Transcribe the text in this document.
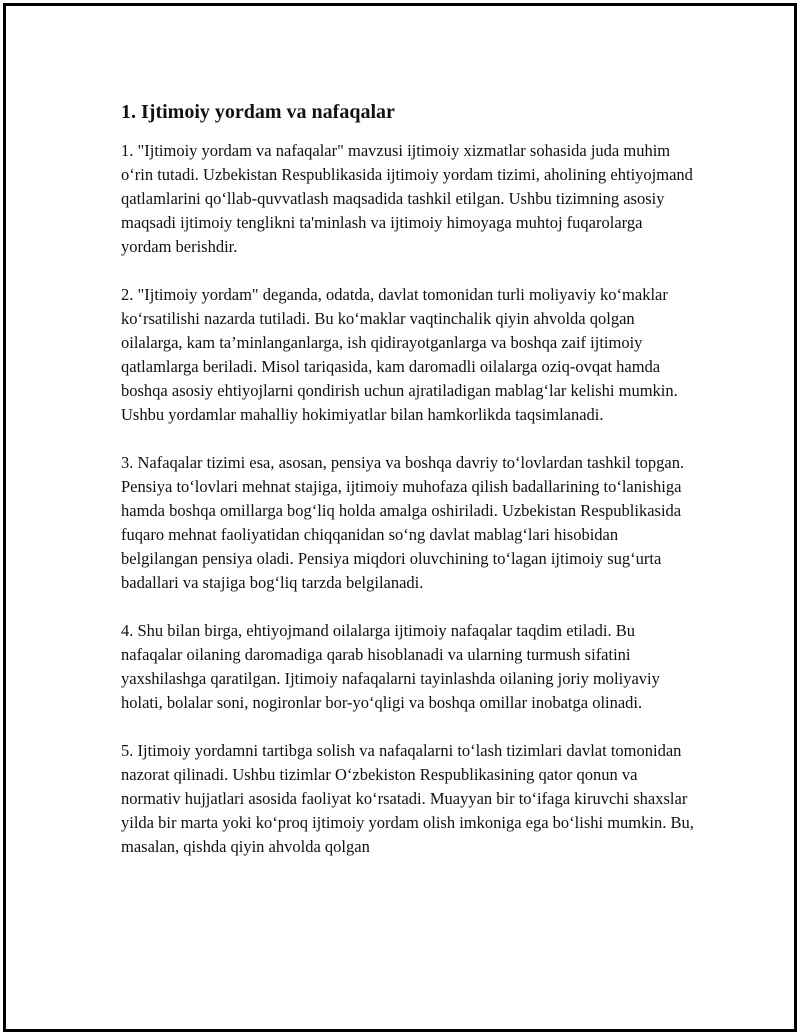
1. Ijtimoiy yordam va nafaqalar

1. "Ijtimoiy yordam va nafaqalar" mavzusi ijtimoiy xizmatlar sohasida juda muhim o‘rin tutadi. Uzbekistan Respublikasida ijtimoiy yordam tizimi, aholining ehtiyojmand qatlamlarini qo‘llab-quvvatlash maqsadida tashkil etilgan. Ushbu tizimning asosiy maqsadi ijtimoiy tenglikni ta'minlash va ijtimoiy himoyaga muhtoj fuqarolarga yordam berishdir.

2. "Ijtimoiy yordam" deganda, odatda, davlat tomonidan turli moliyaviy ko‘maklar ko‘rsatilishi nazarda tutiladi. Bu ko‘maklar vaqtinchalik qiyin ahvolda qolgan oilalarga, kam ta’minlanganlarga, ish qidirayotganlarga va boshqa zaif ijtimoiy qatlamlarga beriladi. Misol tariqasida, kam daromadli oilalarga oziq-ovqat hamda boshqa asosiy ehtiyojlarni qondirish uchun ajratiladigan mablag‘lar kelishi mumkin. Ushbu yordamlar mahalliy hokimiyatlar bilan hamkorlikda taqsimlanadi.

3. Nafaqalar tizimi esa, asosan, pensiya va boshqa davriy to‘lovlardan tashkil topgan. Pensiya to‘lovlari mehnat stajiga, ijtimoiy muhofaza qilish badallarining to‘lanishiga hamda boshqa omillarga bog‘liq holda amalga oshiriladi. Uzbekistan Respublikasida fuqaro mehnat faoliyatidan chiqqanidan so‘ng davlat mablag‘lari hisobidan belgilangan pensiya oladi. Pensiya miqdori oluvchining to‘lagan ijtimoiy sug‘urta badallari va stajiga bog‘liq tarzda belgilanadi.

4. Shu bilan birga, ehtiyojmand oilalarga ijtimoiy nafaqalar taqdim etiladi. Bu nafaqalar oilaning daromadiga qarab hisoblanadi va ularning turmush sifatini yaxshilashga qaratilgan. Ijtimoiy nafaqalarni tayinlashda oilaning joriy moliyaviy holati, bolalar soni, nogironlar bor-yo‘qligi va boshqa omillar inobatga olinadi.

5. Ijtimoiy yordamni tartibga solish va nafaqalarni to‘lash tizimlari davlat tomonidan nazorat qilinadi. Ushbu tizimlar O‘zbekiston Respublikasining qator qonun va normativ hujjatlari asosida faoliyat ko‘rsatadi. Muayyan bir to‘ifaga kiruvchi shaxslar yilda bir marta yoki ko‘proq ijtimoiy yordam olish imkoniga ega bo‘lishi mumkin. Bu, masalan, qishda qiyin ahvolda qolgan
